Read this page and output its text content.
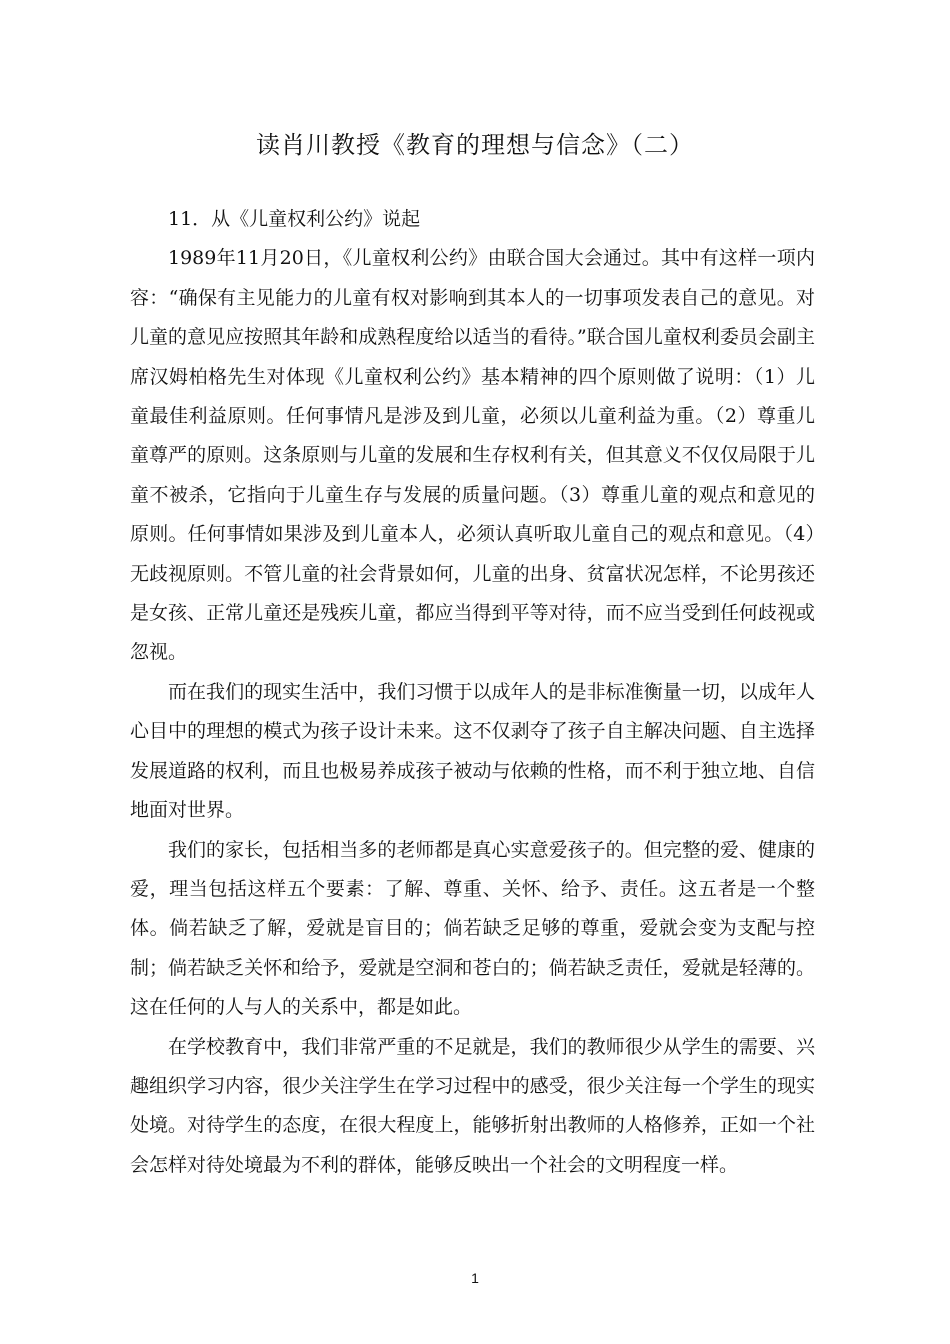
读肖川教授《教育的理想与信念》（二）

11．从《儿童权利公约》说起

1989年11月20日，《儿童权利公约》由联合国大会通过。其中有这样一项内容：“确保有主见能力的儿童有权对影响到其本人的一切事项发表自己的意见。对儿童的意见应按照其年龄和成熟程度给以适当的看待。”联合国儿童权利委员会副主席汉姆柏格先生对体现《儿童权利公约》基本精神的四个原则做了说明：（1）儿童最佳利益原则。任何事情凡是涉及到儿童，必须以儿童利益为重。（2）尊重儿童尊严的原则。这条原则与儿童的发展和生存权利有关，但其意义不仅仅局限于儿童不被杀，它指向于儿童生存与发展的质量问题。（3）尊重儿童的观点和意见的原则。任何事情如果涉及到儿童本人，必须认真听取儿童自己的观点和意见。（4）无歧视原则。不管儿童的社会背景如何，儿童的出身、贫富状况怎样，不论男孩还是女孩、正常儿童还是残疾儿童，都应当得到平等对待，而不应当受到任何歧视或忽视。

而在我们的现实生活中，我们习惯于以成年人的是非标准衡量一切，以成年人心目中的理想的模式为孩子设计未来。这不仅剥夺了孩子自主解决问题、自主选择发展道路的权利，而且也极易养成孩子被动与依赖的性格，而不利于独立地、自信地面对世界。

我们的家长，包括相当多的老师都是真心实意爱孩子的。但完整的爱、健康的爱，理当包括这样五个要素：了解、尊重、关怀、给予、责任。这五者是一个整体。倘若缺乏了解，爱就是盲目的；倘若缺乏足够的尊重，爱就会变为支配与控制；倘若缺乏关怀和给予，爱就是空洞和苍白的；倘若缺乏责任，爱就是轻薄的。这在任何的人与人的关系中，都是如此。

在学校教育中，我们非常严重的不足就是，我们的教师很少从学生的需要、兴趣组织学习内容，很少关注学生在学习过程中的感受，很少关注每一个学生的现实处境。对待学生的态度，在很大程度上，能够折射出教师的人格修养，正如一个社会怎样对待处境最为不利的群体，能够反映出一个社会的文明程度一样。

1
